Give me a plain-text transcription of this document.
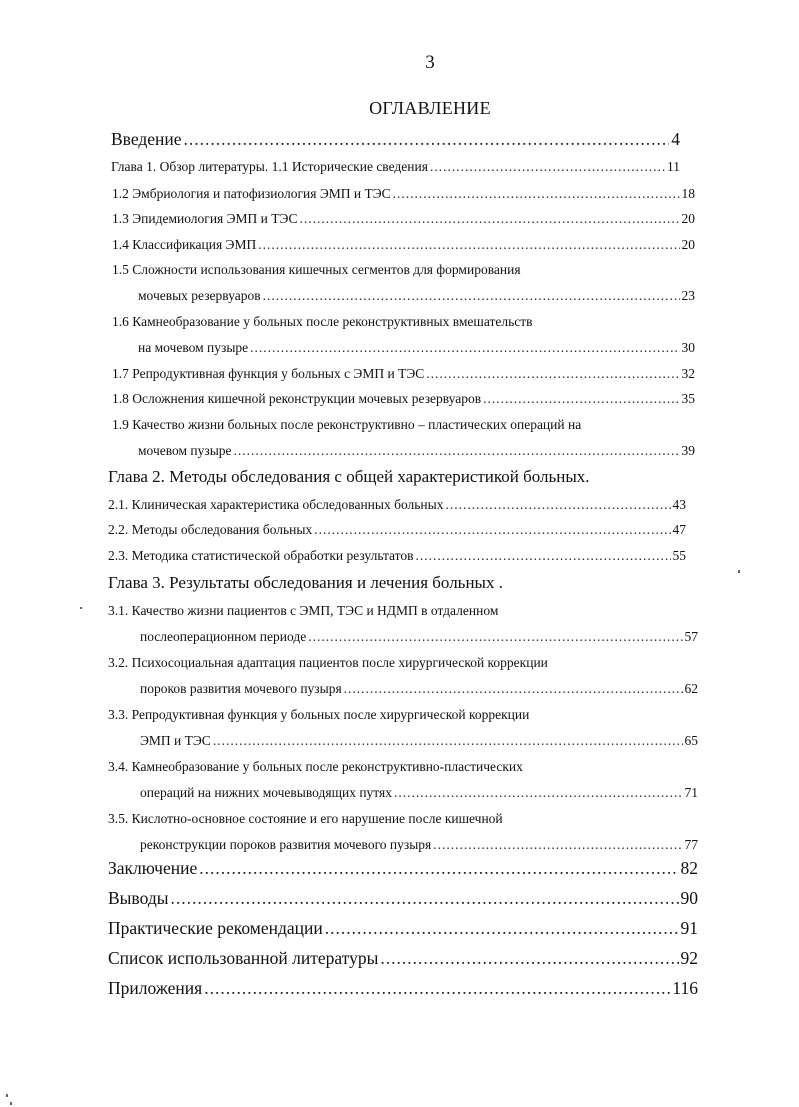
3
ОГЛАВЛЕНИЕ
Введение .....	4
Глава 1. Обзор литературы. 1.1 Исторические сведения .....	11
1.2 Эмбриология и патофизиология ЭМП и ТЭС .....	18
1.3 Эпидемиология ЭМП и ТЭС .....	20
1.4 Классификация ЭМП .....	20
1.5 Сложности использования кишечных сегментов для формирования
мочевых резервуаров .....	23
1.6 Камнеобразование у больных после реконструктивных вмешательств
на мочевом пузыре .....	30
1.7 Репродуктивная функция у больных с ЭМП и ТЭС .....	32
1.8 Осложнения кишечной реконструкции мочевых резервуаров .....	35
1.9 Качество жизни больных после реконструктивно – пластических операций на
мочевом пузыре .....	39
Глава 2. Методы обследования с общей характеристикой больных.
2.1. Клиническая характеристика обследованных больных .....	43
2.2. Методы обследования больных .....	47
2.3. Методика статистической обработки результатов .....	55
Глава 3. Результаты обследования и лечения больных .
3.1. Качество жизни пациентов с ЭМП, ТЭС и НДМП в отдаленном
послеоперационном периоде .....	57
3.2. Психосоциальная адаптация пациентов после хирургической коррекции
пороков развития мочевого пузыря .....	62
3.3. Репродуктивная функция у больных после хирургической коррекции
ЭМП и ТЭС .....	65
3.4. Камнеобразование у больных после реконструктивно-пластических
операций на нижних мочевыводящих путях .....	71
3.5. Кислотно-основное состояние и его нарушение после кишечной
реконструкции пороков развития мочевого пузыря .....	77
Заключение .....	82
Выводы .....	90
Практические рекомендации .....	91
Список использованной литературы .....	92
Приложения .....	116
